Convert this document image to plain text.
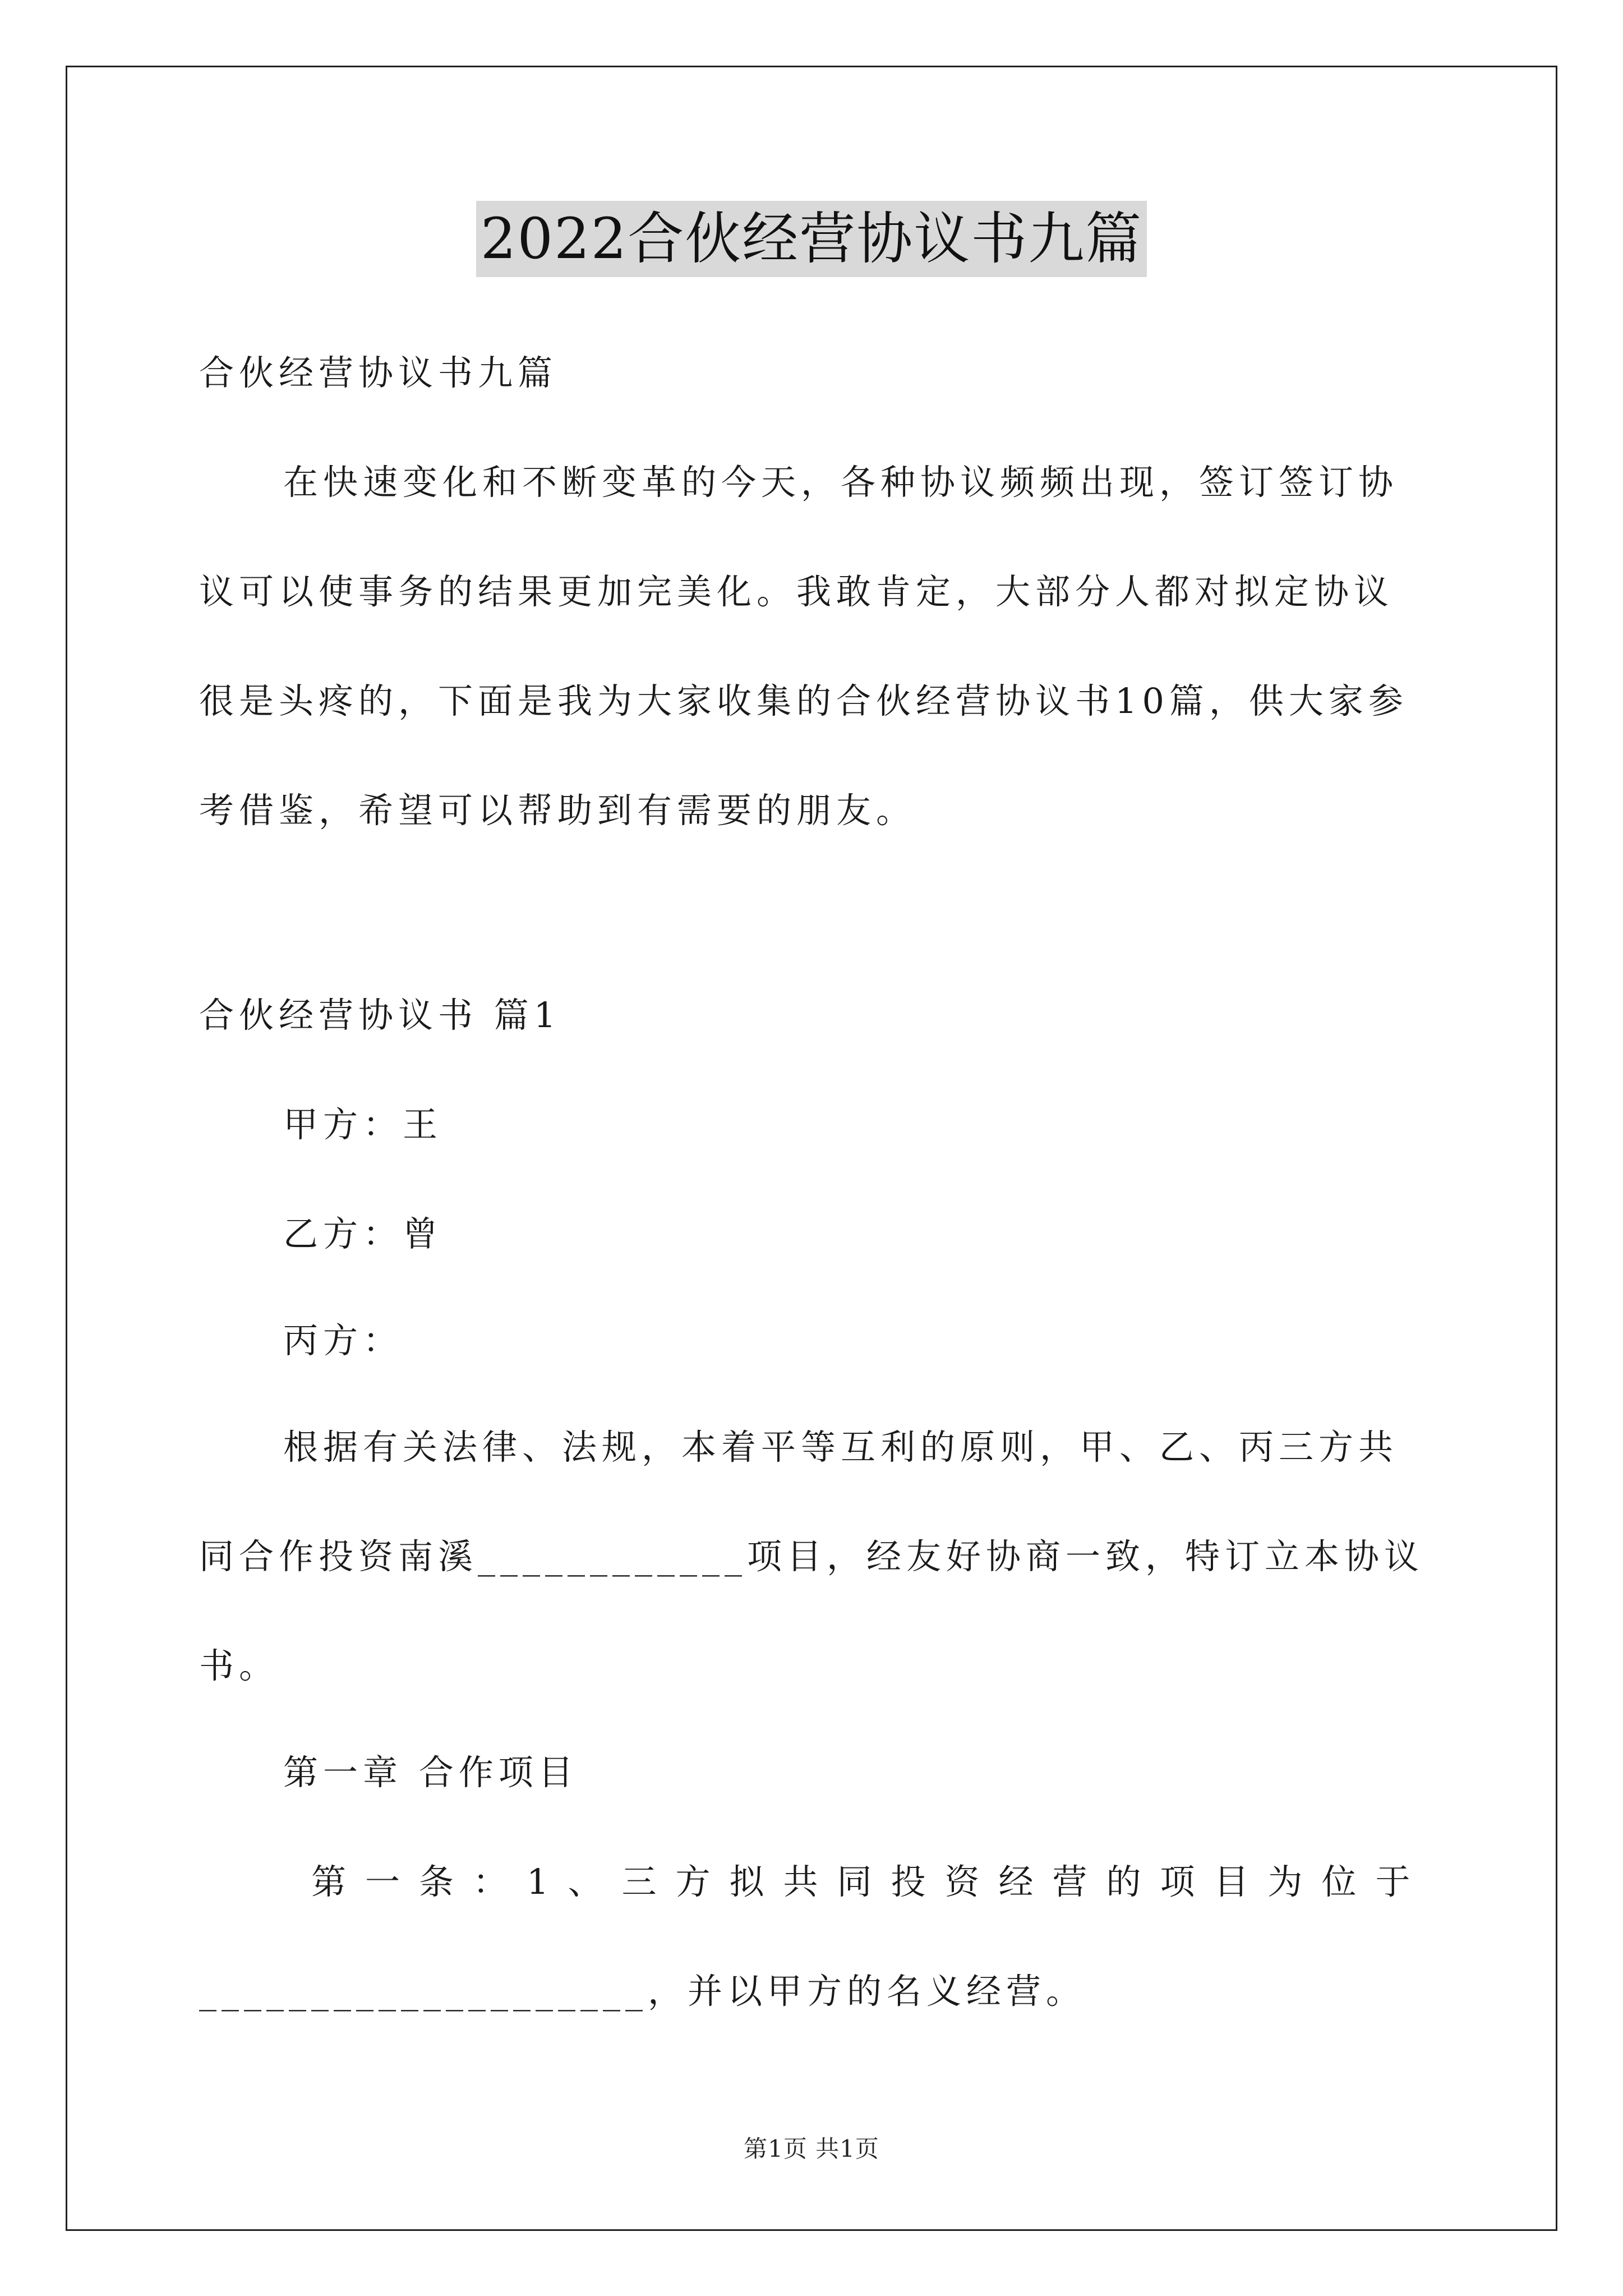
2022合伙经营协议书九篇
合伙经营协议书九篇
在快速变化和不断变革的今天，各种协议频频出现，签订签订协
议可以使事务的结果更加完美化。我敢肯定，大部分人都对拟定协议
很是头疼的，下面是我为大家收集的合伙经营协议书10篇，供大家参
考借鉴，希望可以帮助到有需要的朋友。
合伙经营协议书 篇1
甲方：王
乙方：曾
丙方：
根据有关法律、法规，本着平等互利的原则，甲、乙、丙三方共
同合作投资南溪____________项目，经友好协商一致，特订立本协议
书。
第一章 合作项目
第一条：1、三方拟共同投资经营的项目为位于
____________________，并以甲方的名义经营。
第1页 共1页
